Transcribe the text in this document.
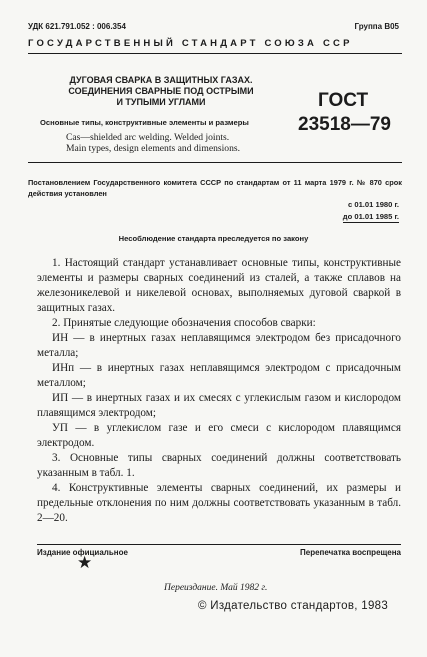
УДК 621.791.052 : 006.354	Группа В05
ГОСУДАРСТВЕННЫЙ СТАНДАРТ СОЮЗА ССР
ДУГОВАЯ СВАРКА В ЗАЩИТНЫХ ГАЗАХ.
СОЕДИНЕНИЯ СВАРНЫЕ ПОД ОСТРЫМИ
И ТУПЫМИ УГЛАМИ
Основные типы, конструктивные элементы и размеры
Cas—shielded arc welding. Welded joints.
Main types, design elements and dimensions.
ГОСТ
23518—79
Постановлением Государственного комитета СССР по стандартам от 11 марта 1979 г. № 870 срок действия установлен
с 01.01 1980 г.
до 01.01 1985 г.
Несоблюдение стандарта преследуется по закону

1. Настоящий стандарт устанавливает основные типы, конструктивные элементы и размеры сварных соединений из сталей, а также сплавов на железоникелевой и никелевой основах, выполняемых дуговой сваркой в защитных газах.

2. Принятые следующие обозначения способов сварки:

ИН — в инертных газах неплавящимся электродом без присадочного металла;

ИНп — в инертных газах неплавящимся электродом с присадочным металлом;

ИП — в инертных газах и их смесях с углекислым газом и кислородом плавящимся электродом;

УП — в углекислом газе и его смеси с кислородом плавящимся электродом.

3. Основные типы сварных соединений должны соответствовать указанным в табл. 1.

4. Конструктивные элементы сварных соединений, их размеры и предельные отклонения по ним должны соответствовать указанным в табл. 2—20.

Издание официальное	Перепечатка воспрещена
★
Переиздание. Май 1982 г.
© Издательство стандартов, 1983
